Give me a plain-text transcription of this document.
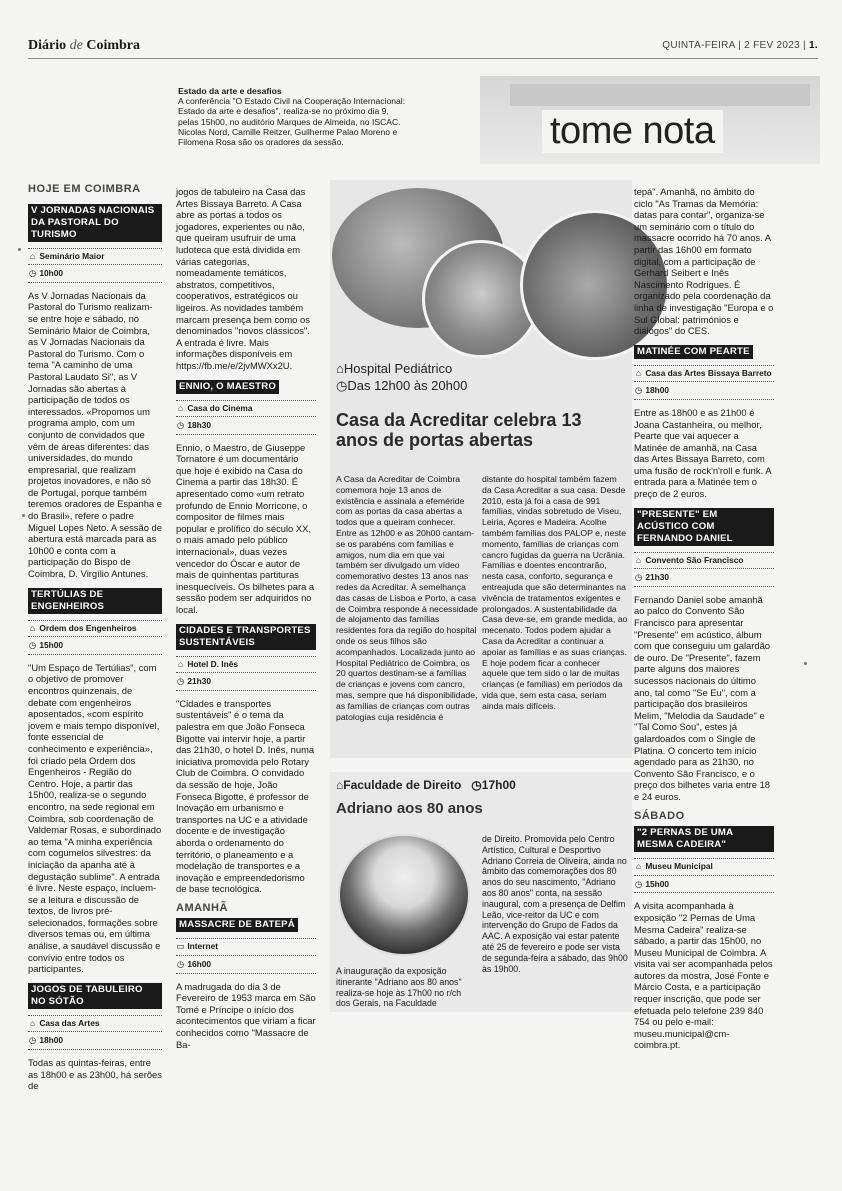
Diário de Coimbra	QUINTA-FEIRA | 2 FEV 2023 | 1.
Estado da arte e desafios
A conferência "O Estado Civil na Cooperação Internacional: Estado da arte e desafios", realiza-se no próximo dia 9, pelas 15h00, no auditório Marques de Almeida, no ISCAC. Nicolas Nord, Camille Reitzer, Guilherme Palao Moreno e Filomena Rosa são os oradores da sessão.	tome nota
HOJE EM COIMBRA
V JORNADAS NACIONAIS DA PASTORAL DO TURISMO
⌂ Seminário Maior
◷ 10h00

As V Jornadas Nacionais da Pastoral do Turismo realizam-se entre hoje e sábado, no Seminário Maior de Coimbra, as V Jornadas Nacionais da Pastoral do Turismo. Com o tema "A caminho de uma Pastoral Laudato Si", as V Jornadas são abertas à participação de todos os interessados. «Propomos um programa amplo, com um conjunto de convidados que vêm de áreas diferentes: das universidades, do mundo empresarial, que realizam projetos inovadores, e não só de Portugal, porque também teremos oradores de Espanha e do Brasil», refere o padre Miguel Lopes Neto. A sessão de abertura está marcada para as 10h00 e conta com a participação do Bispo de Coimbra, D. Virgílio Antunes.

TERTÚLIAS DE ENGENHEIROS
⌂ Ordem dos Engenheiros
◷ 15h00

"Um Espaço de Tertúlias", com o objetivo de promover encontros quinzenais, de debate com engenheiros aposentados, «com espírito jovem e mais tempo disponível, fonte essencial de conhecimento e experiência», foi criado pela Ordem dos Engenheiros - Região do Centro. Hoje, a partir das 15h00, realiza-se o segundo encontro, na sede regional em Coimbra, sob coordenação de Valdemar Rosas, e subordinado ao tema "A minha experiência com cogumelos silvestres: da iniciação da apanha até à degustação sublime". A entrada é livre. Neste espaço, incluem-se a leitura e discussão de textos, de livros pré-selecionados, formações sobre diversos temas ou, em última análise, a saudável discussão e convívio entre todos os participantes.

JOGOS DE TABULEIRO NO SÓTÃO
⌂ Casa das Artes
◷ 18h00

Todas as quintas-feiras, entre as 18h00 e as 23h00, há serões de

jogos de tabuleiro na Casa das Artes Bissaya Barreto. A Casa abre as portas a todos os jogadores, experientes ou não, que queiram usufruir de uma ludoteca que está dividida em várias categorias, nomeadamente temáticos, abstratos, competitivos, cooperativos, estratégicos ou ligeiros. As novidades também marcam presença bem como os denominados "novos clássicos". A entrada é livre. Mais informações disponíveis em https://fb.me/e/2jvMWXx2U.

ENNIO, O MAESTRO
⌂ Casa do Cinema
◷ 18h30

Ennio, o Maestro, de Giuseppe Tornatore é um documentário que hoje é exibido na Casa do Cinema a partir das 18h30. É apresentado como «um retrato profundo de Ennio Morricone, o compositor de filmes mais popular e prolífico do século XX, o mais amado pelo público internacional», duas vezes vencedor do Óscar e autor de mais de quinhentas partituras inesquecíveis. Os bilhetes para a sessão podem ser adquiridos no local.

CIDADES E TRANSPORTES SUSTENTÁVEIS
⌂ Hotel D. Inês
◷ 21h30

"Cidades e transportes sustentáveis" é o tema da palestra em que João Fonseca Bigotte vai intervir hoje, a partir das 21h30, o hotel D. Inês, numa iniciativa promovida pelo Rotary Club de Coimbra. O convidado da sessão de hoje, João Fonseca Bigotte, é professor de Inovação em urbanismo e transportes na UC e a atividade docente e de investigação aborda o ordenamento do território, o planeamento e a modelação de transportes e a inovação e empreendedorismo de base tecnológica.

AMANHÃ
MASSACRE DE BATEPÁ
▭ Internet
◷ 16h00

A madrugada do dia 3 de Fevereiro de 1953 marca em São Tomé e Príncipe o início dos acontecimentos que viriam a ficar conhecidos como "Massacre de Ba-

⌂Hospital Pediátrico
◷Das 12h00 às 20h00
Casa da Acreditar celebra 13 anos de portas abertas
A Casa da Acreditar de Coimbra comemora hoje 13 anos de existência e assinala a efeméride com as portas da casa abertas a todos que a queiram conhecer. Entre as 12h00 e as 20h00 cantam-se os parabéns com famílias e amigos, num dia em que vai também ser divulgado um vídeo comemorativo destes 13 anos nas redes da Acreditar. À semelhança das casas de Lisboa e Porto, a casa de Coimbra responde à necessidade de alojamento das famílias residentes fora da região do hospital onde os seus filhos são acompanhados. Localizada junto ao Hospital Pediátrico de Coimbra, os 20 quartos destinam-se a famílias de crianças e jovens com cancro, mas, sempre que há disponibilidade, as famílias de crianças com outras patologias cuja residência é
distante do hospital também fazem da Casa Acreditar a sua casa. Desde 2010, esta já foi a casa de 991 famílias, vindas sobretudo de Viseu, Leiria, Açores e Madeira. Acolhe também famílias dos PALOP e, neste momento, famílias de crianças com cancro fugidas da guerra na Ucrânia. Famílias e doentes encontrarão, nesta casa, conforto, segurança e entreajuda que são determinantes na vivência de tratamentos exigentes e prolongados. A sustentabilidade da Casa deve-se, em grande medida, ao mecenato. Todos podem ajudar a Casa da Acreditar a continuar a apoiar as famílias e as suas crianças. E hoje podem ficar a conhecer aquele que tem sido o lar de muitas crianças (e famílias) em períodos da vida que, sem esta casa, seriam ainda mais difíceis.
⌂Faculdade de Direito ◷17h00
Adriano aos 80 anos
de Direito. Promovida pelo Centro Artístico, Cultural e Desportivo Adriano Correia de Oliveira, ainda no âmbito das comemorações dos 80 anos do seu nascimento, "Adriano aos 80 anos" conta, na sessão inaugural, com a presença de Delfim Leão, vice-reitor da UC e com intervenção do Grupo de Fados da AAC. A exposição vai estar patente até 25 de fevereiro e pode ser vista de segunda-feira a sábado, das 9h00 às 19h00.
A inauguração da exposição itinerante "Adriano aos 80 anos" realiza-se hoje às 17h00 no r/ch dos Gerais, na Faculdade

tepá". Amanhã, no âmbito do ciclo "As Tramas da Memória: datas para contar", organiza-se um seminário com o título do massacre ocorrido há 70 anos. A partir das 16h00 em formato digital, com a participação de Gerhard Seibert e Inês Nascimento Rodrigues. É organizado pela coordenação da linha de investigação "Europa e o Sul Global: patrimónios e diálogos" do CES.

MATINÉE COM PEARTE
⌂ Casa das Artes Bissaya Barreto
◷ 18h00

Entre as 18h00 e as 21h00 é Joana Castanheira, ou melhor, Pearte que vai aquecer a Matinée de amanhã, na Casa das Artes Bissaya Barreto, com uma fusão de rock'n'roll e funk. A entrada para a Matinée tem o preço de 2 euros.

"PRESENTE" EM ACÚSTICO COM FERNANDO DANIEL
⌂ Convento São Francisco
◷ 21h30

Fernando Daniel sobe amanhã ao palco do Convento São Francisco para apresentar "Presente" em acústico, álbum com que conseguiu um galardão de ouro. De "Presente", fazem parte alguns dos maiores sucessos nacionais do último ano, tal como "Se Eu", com a participação dos brasileiros Melim, "Melodia da Saudade" e "Tal Como Sou", estes já galardoados com o Single de Platina. O concerto tem início agendado para as 21h30, no Convento São Francisco, e o preço dos bilhetes varia entre 18 e 24 euros.

SÁBADO
"2 PERNAS DE UMA MESMA CADEIRA"
⌂ Museu Municipal
◷ 15h00

A visita acompanhada à exposição "2 Pernas de Uma Mesma Cadeira" realiza-se sábado, a partir das 15h00, no Museu Municipal de Coimbra. A visita vai ser acompanhada pelos autores da mostra, José Fonte e Márcio Costa, e a participação requer inscrição, que pode ser efetuada pelo telefone 239 840 754 ou pelo e-mail: museu.municipal@cm-coimbra.pt.
